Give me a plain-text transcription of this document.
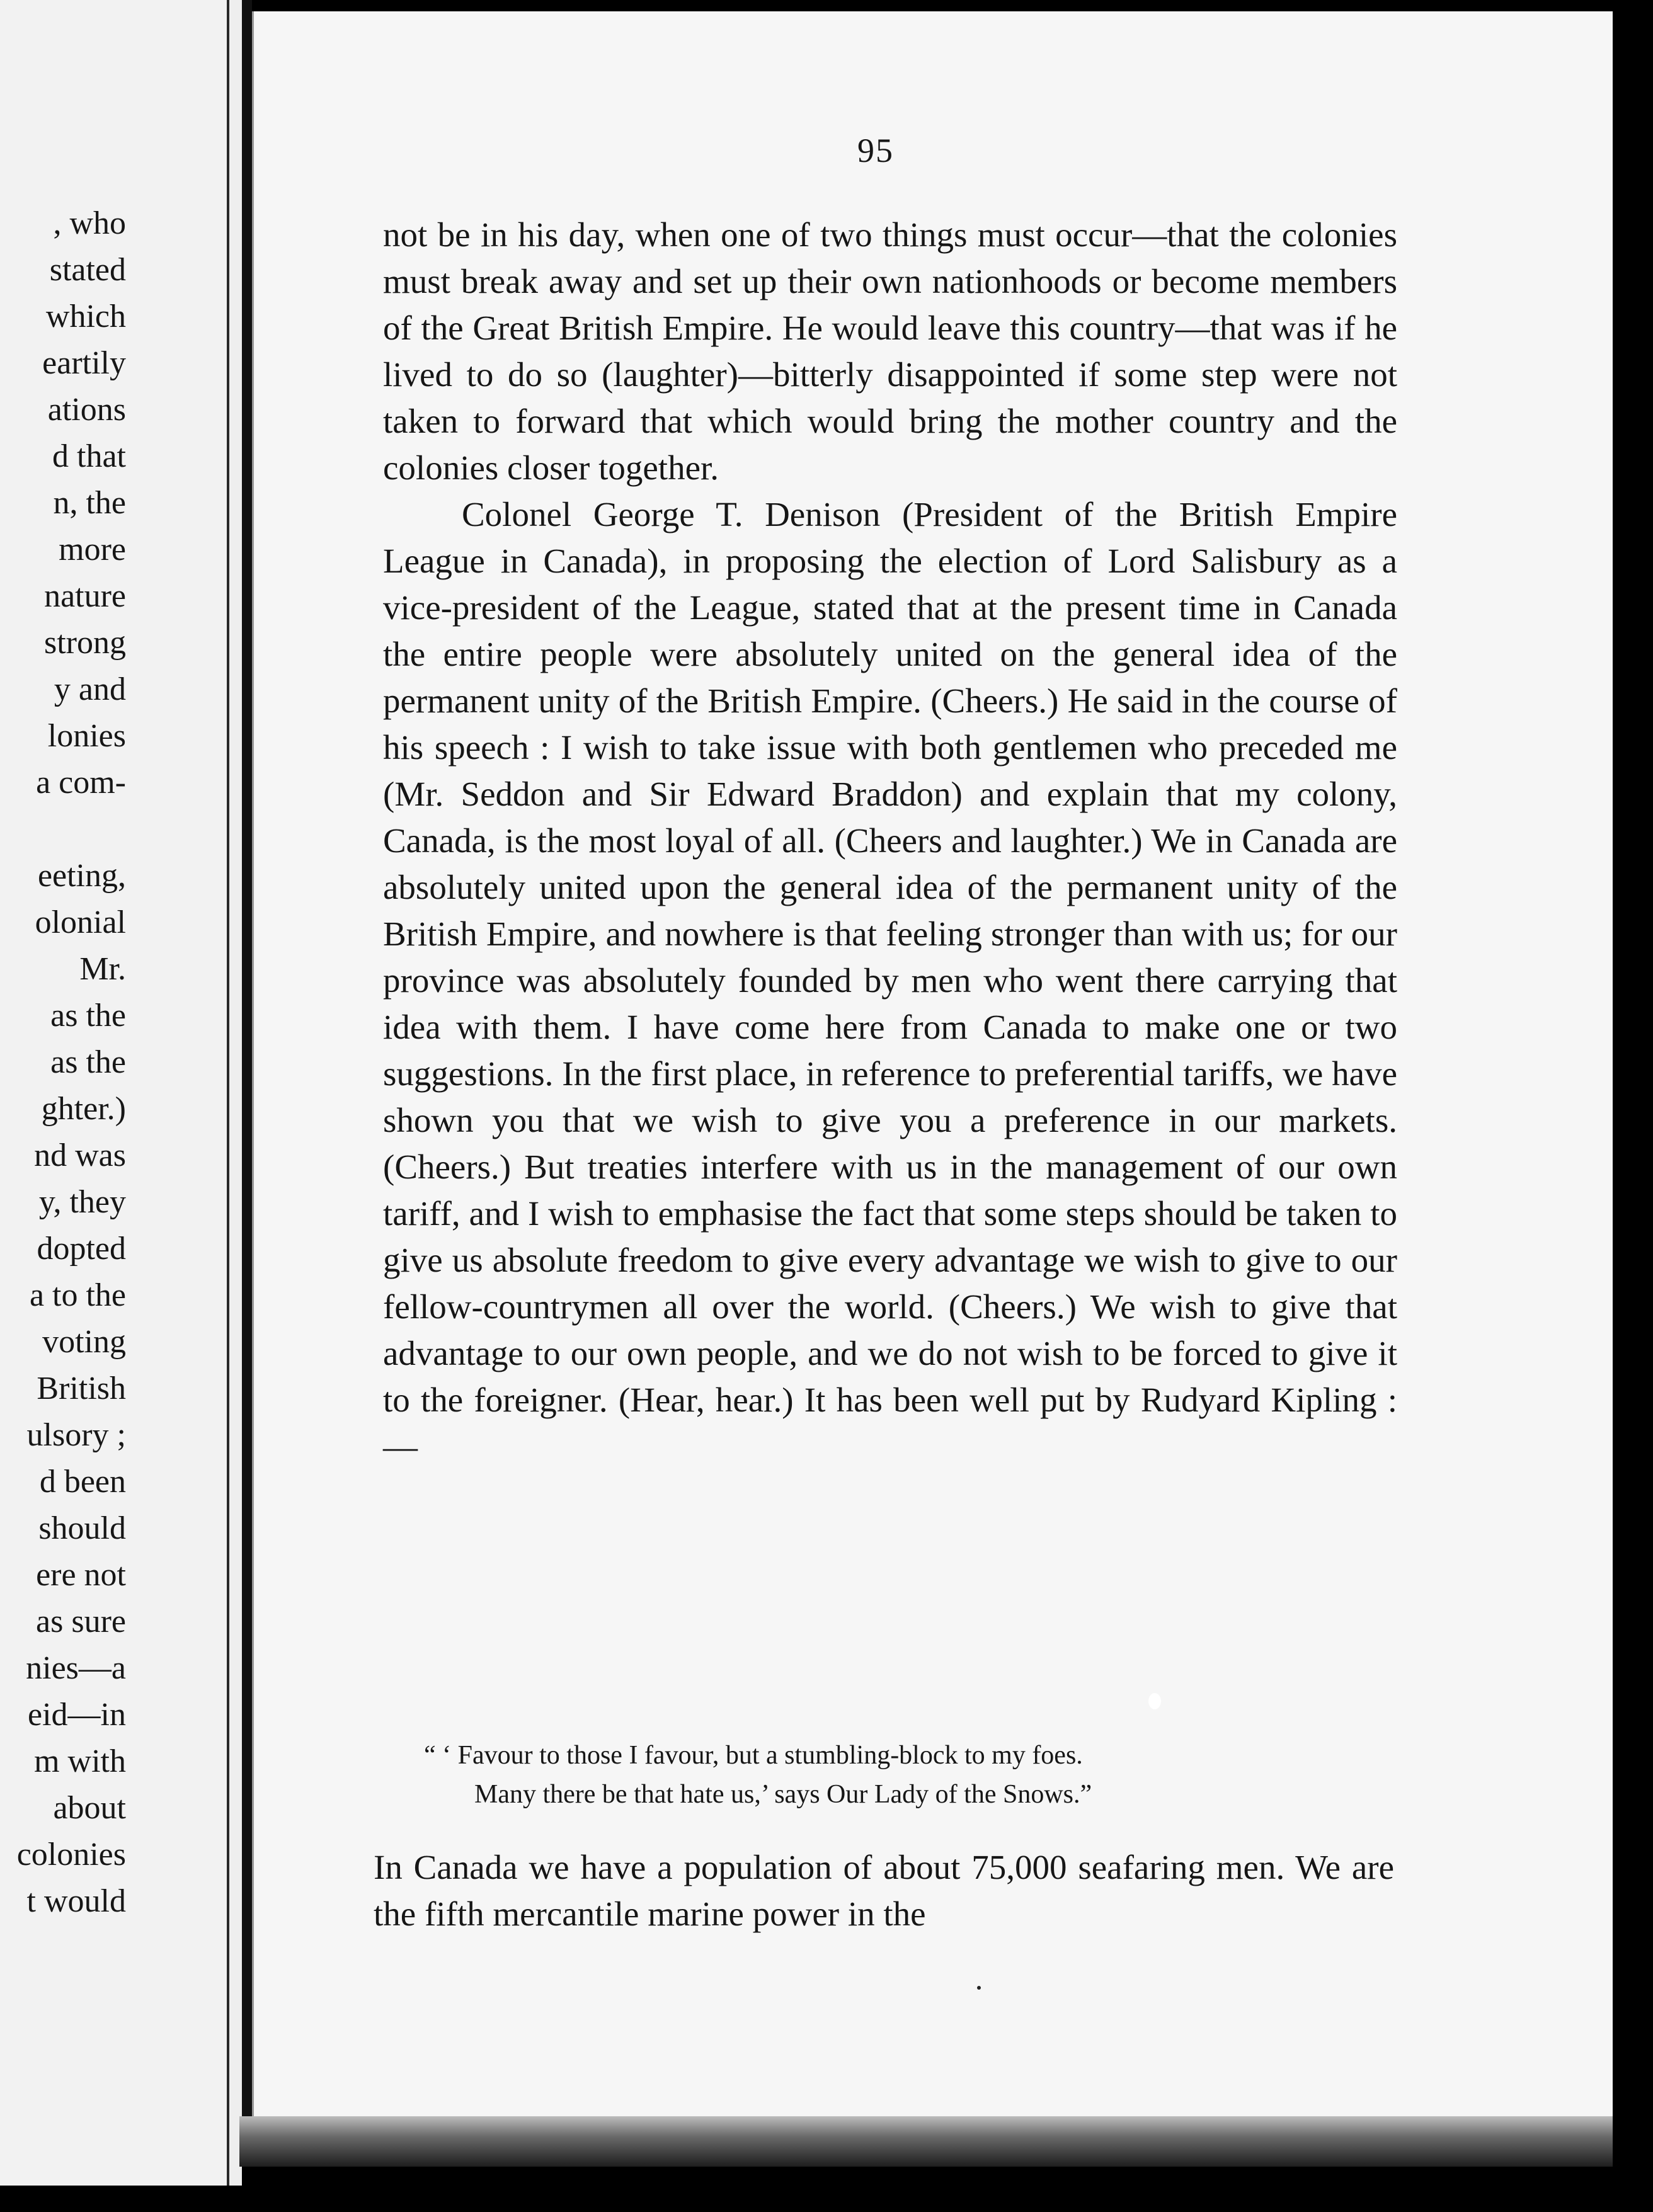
, who
stated
which
eartily
ations
d that
n, the
more
nature
strong
y and
lonies
a com-

eeting,
olonial
Mr.
as the
as the
ghter.)
nd was
y, they
dopted
a to the
voting
British
ulsory ;
d been
should
ere not
as sure
nies—a
eid—in
m with
about
colonies
t would
95

not be in his day, when one of two things must occur—that the colonies must break away and set up their own nationhoods or become members of the Great British Empire. He would leave this country—that was if he lived to do so (laughter)—bitterly disappointed if some step were not taken to forward that which would bring the mother country and the colonies closer together.

Colonel George T. Denison (President of the British Empire League in Canada), in proposing the election of Lord Salisbury as a vice-president of the League, stated that at the present time in Canada the entire people were absolutely united on the general idea of the permanent unity of the British Empire. (Cheers.) He said in the course of his speech : I wish to take issue with both gentlemen who preceded me (Mr. Seddon and Sir Edward Braddon) and explain that my colony, Canada, is the most loyal of all. (Cheers and laughter.) We in Canada are absolutely united upon the general idea of the permanent unity of the British Empire, and nowhere is that feeling stronger than with us; for our province was absolutely founded by men who went there carrying that idea with them. I have come here from Canada to make one or two suggestions. In the first place, in reference to preferential tariffs, we have shown you that we wish to give you a preference in our markets. (Cheers.) But treaties interfere with us in the management of our own tariff, and I wish to emphasise the fact that some steps should be taken to give us absolute freedom to give every advantage we wish to give to our fellow-countrymen all over the world. (Cheers.) We wish to give that advantage to our own people, and we do not wish to be forced to give it to the foreigner. (Hear, hear.) It has been well put by Rudyard Kipling :—

“ ‘ Favour to those I favour, but a stumbling-block to my foes.
Many there be that hate us,’ says Our Lady of the Snows.”
In Canada we have a population of about 75,000 seafaring men. We are the fifth mercantile marine power in the
